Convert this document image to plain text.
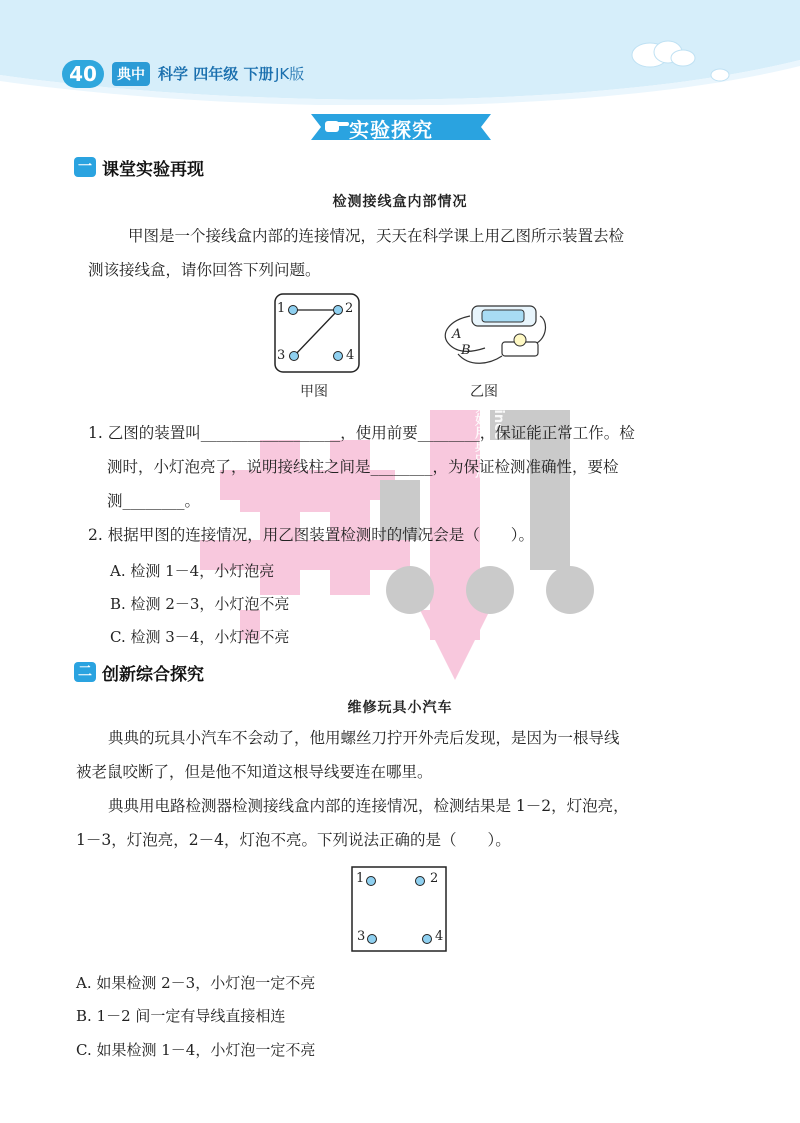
40	典中 科学 四年级 下册 JK版
实验探究
Since 1999 理分好用典中点
一 课堂实验再现
检测接线盒内部情况
甲图是一个接线盒内部的连接情况，天天在科学课上用乙图所示装置去检
测该接线盒，请你回答下列问题。
1	2
3	4
甲图
A
B
乙图
1. 乙图的装置叫__________________，使用前要________，保证能正常工作。检
测时，小灯泡亮了，说明接线柱之间是________，为保证检测准确性，要检
测________。
2. 根据甲图的连接情况，用乙图装置检测时的情况会是（　　）。
A. 检测 1－4，小灯泡亮
B. 检测 2－3，小灯泡不亮
C. 检测 3－4，小灯泡不亮
二 创新综合探究
维修玩具小汽车
典典的玩具小汽车不会动了，他用螺丝刀拧开外壳后发现，是因为一根导线
被老鼠咬断了，但是他不知道这根导线要连在哪里。
典典用电路检测器检测接线盒内部的连接情况，检测结果是 1－2，灯泡亮，
1－3，灯泡亮，2－4，灯泡不亮。下列说法正确的是（　　）。
1	2
3	4
A. 如果检测 2－3，小灯泡一定不亮
B. 1－2 间一定有导线直接相连
C. 如果检测 1－4，小灯泡一定不亮
